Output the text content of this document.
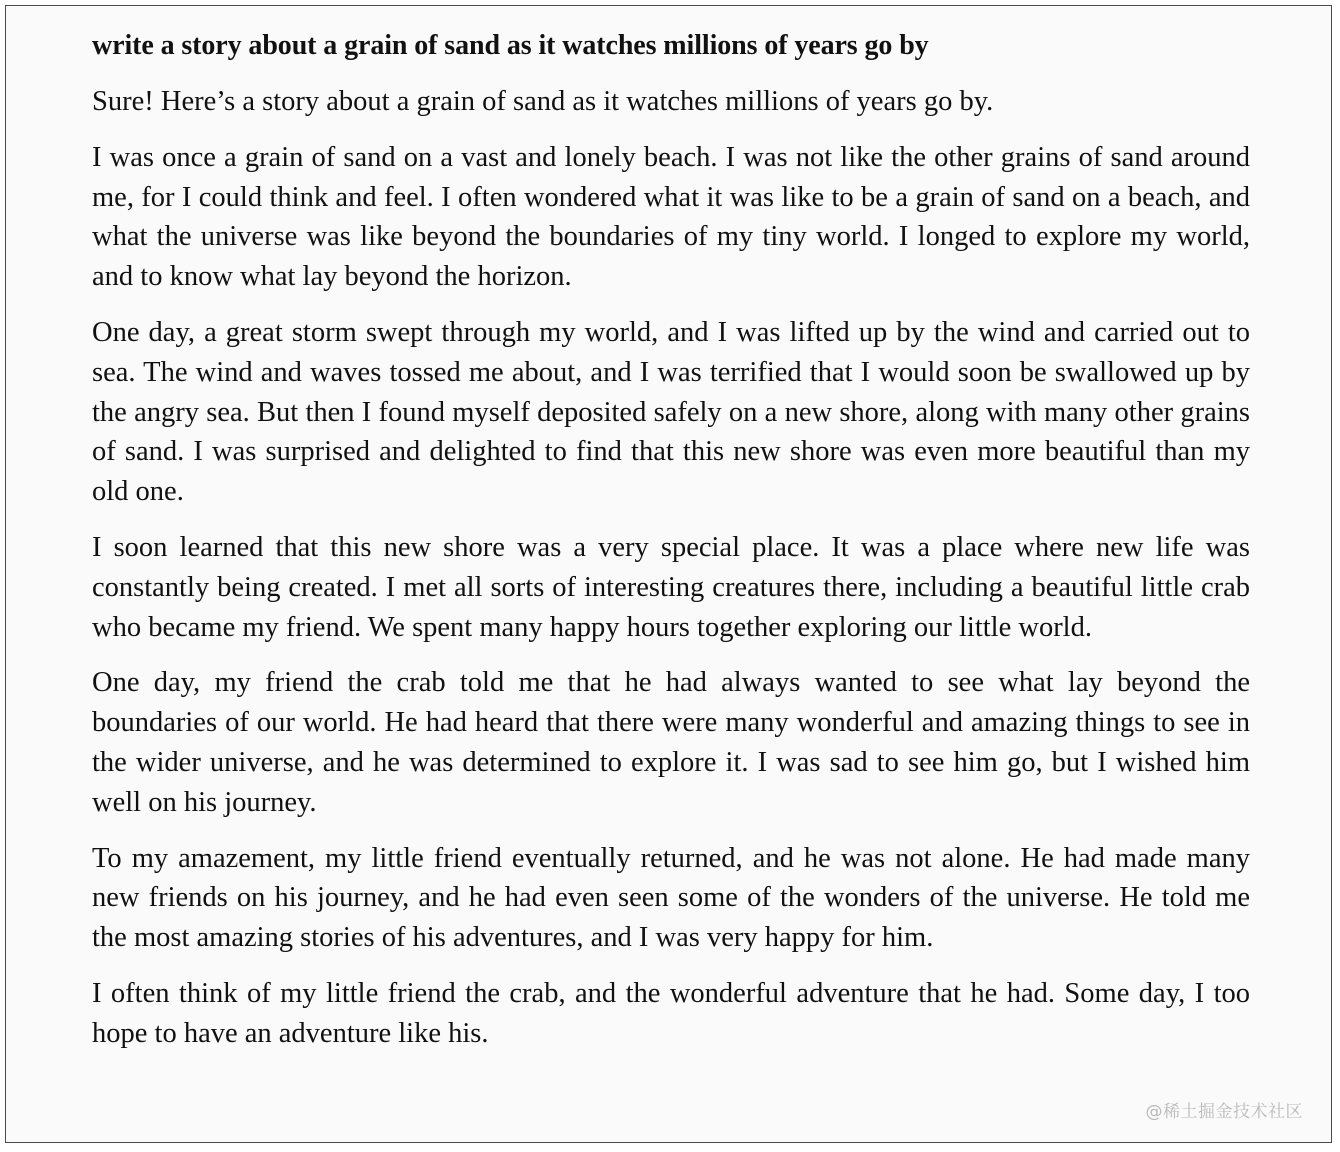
write a story about a grain of sand as it watches millions of years go by

Sure! Here’s a story about a grain of sand as it watches millions of years go by.

I was once a grain of sand on a vast and lonely beach. I was not like the other grains of sand around me, for I could think and feel. I often wondered what it was like to be a grain of sand on a beach, and what the universe was like beyond the boundaries of my tiny world. I longed to explore my world, and to know what lay beyond the horizon.

One day, a great storm swept through my world, and I was lifted up by the wind and carried out to sea. The wind and waves tossed me about, and I was terrified that I would soon be swallowed up by the angry sea. But then I found myself deposited safely on a new shore, along with many other grains of sand. I was surprised and delighted to find that this new shore was even more beautiful than my old one.

I soon learned that this new shore was a very special place. It was a place where new life was constantly being created. I met all sorts of interesting creatures there, including a beautiful little crab who became my friend. We spent many happy hours together exploring our little world.

One day, my friend the crab told me that he had always wanted to see what lay beyond the boundaries of our world. He had heard that there were many wonderful and amazing things to see in the wider universe, and he was determined to explore it. I was sad to see him go, but I wished him well on his journey.

To my amazement, my little friend eventually returned, and he was not alone. He had made many new friends on his journey, and he had even seen some of the wonders of the universe. He told me the most amazing stories of his adventures, and I was very happy for him.

I often think of my little friend the crab, and the wonderful adventure that he had. Some day, I too hope to have an adventure like his.

@稀土掘金技术社区
